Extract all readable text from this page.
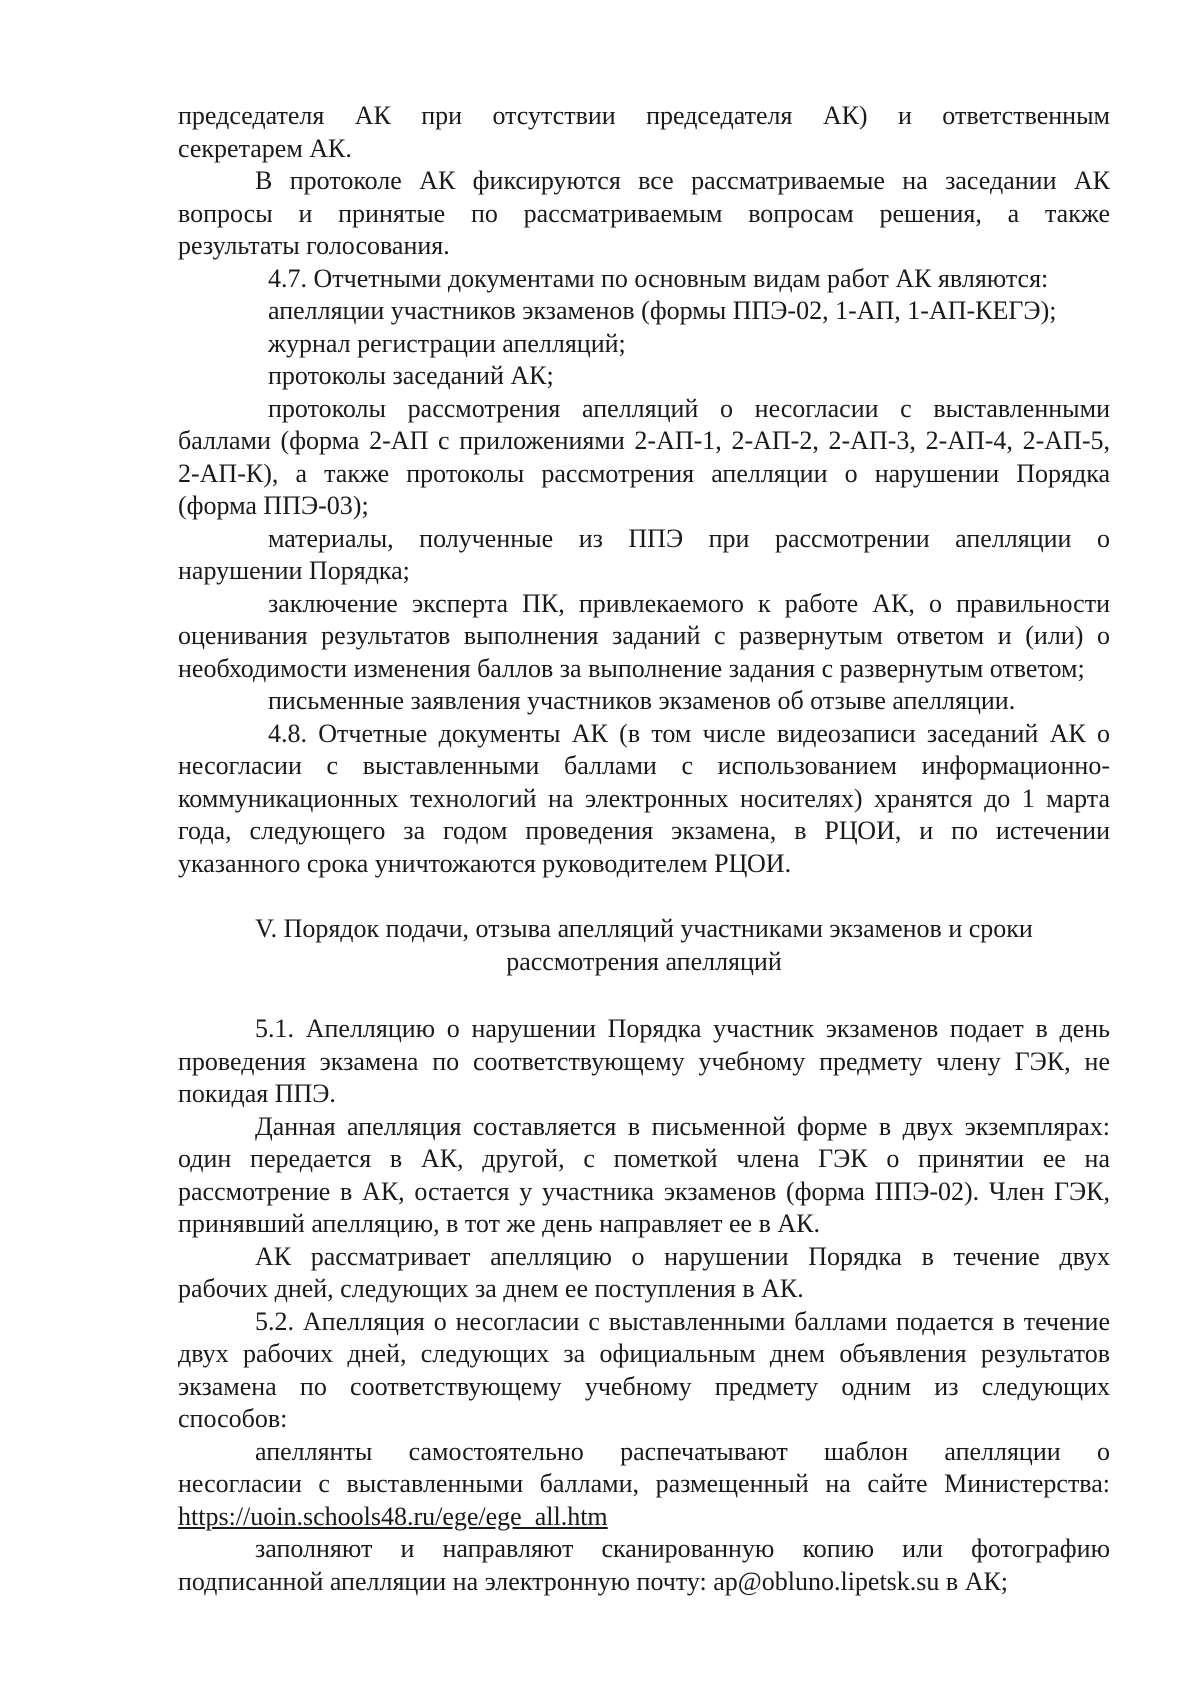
председателя АК при отсутствии председателя АК) и ответственным
секретарем АК.
В протоколе АК фиксируются все рассматриваемые на заседании АК
вопросы и принятые по рассматриваемым вопросам решения, а также
результаты голосования.
4.7. Отчетными документами по основным видам работ АК являются:
апелляции участников экзаменов (формы ППЭ-02, 1-АП, 1-АП-КЕГЭ);
журнал регистрации апелляций;
протоколы заседаний АК;
протоколы рассмотрения апелляций о несогласии с выставленными
баллами (форма 2-АП с приложениями 2-АП-1, 2-АП-2, 2-АП-3, 2-АП-4, 2-АП-5,
2-АП-К), а также протоколы рассмотрения апелляции о нарушении Порядка
(форма ППЭ-03);
материалы, полученные из ППЭ при рассмотрении апелляции о
нарушении Порядка;
заключение эксперта ПК, привлекаемого к работе АК, о правильности
оценивания результатов выполнения заданий с развернутым ответом и (или) о
необходимости изменения баллов за выполнение задания с развернутым ответом;
письменные заявления участников экзаменов об отзыве апелляции.
4.8. Отчетные документы АК (в том числе видеозаписи заседаний АК о
несогласии с выставленными баллами с использованием информационно-
коммуникационных технологий на электронных носителях) хранятся до 1 марта
года, следующего за годом проведения экзамена, в РЦОИ, и по истечении
указанного срока уничтожаются руководителем РЦОИ.
V. Порядок подачи, отзыва апелляций участниками экзаменов и сроки
рассмотрения апелляций
5.1. Апелляцию о нарушении Порядка участник экзаменов подает в день
проведения экзамена по соответствующему учебному предмету члену ГЭК, не
покидая ППЭ.
Данная апелляция составляется в письменной форме в двух экземплярах:
один передается в АК, другой, с пометкой члена ГЭК о принятии ее на
рассмотрение в АК, остается у участника экзаменов (форма ППЭ-02). Член ГЭК,
принявший апелляцию, в тот же день направляет ее в АК.
АК рассматривает апелляцию о нарушении Порядка в течение двух
рабочих дней, следующих за днем ее поступления в АК.
5.2. Апелляция о несогласии с выставленными баллами подается в течение
двух рабочих дней, следующих за официальным днем объявления результатов
экзамена по соответствующему учебному предмету одним из следующих
способов:
апеллянты самостоятельно распечатывают шаблон апелляции о
несогласии с выставленными баллами, размещенный на сайте Министерства:
https://uoin.schools48.ru/ege/ege_all.htm
заполняют и направляют сканированную копию или фотографию
подписанной апелляции на электронную почту: ap@obluno.lipetsk.su в АК;
